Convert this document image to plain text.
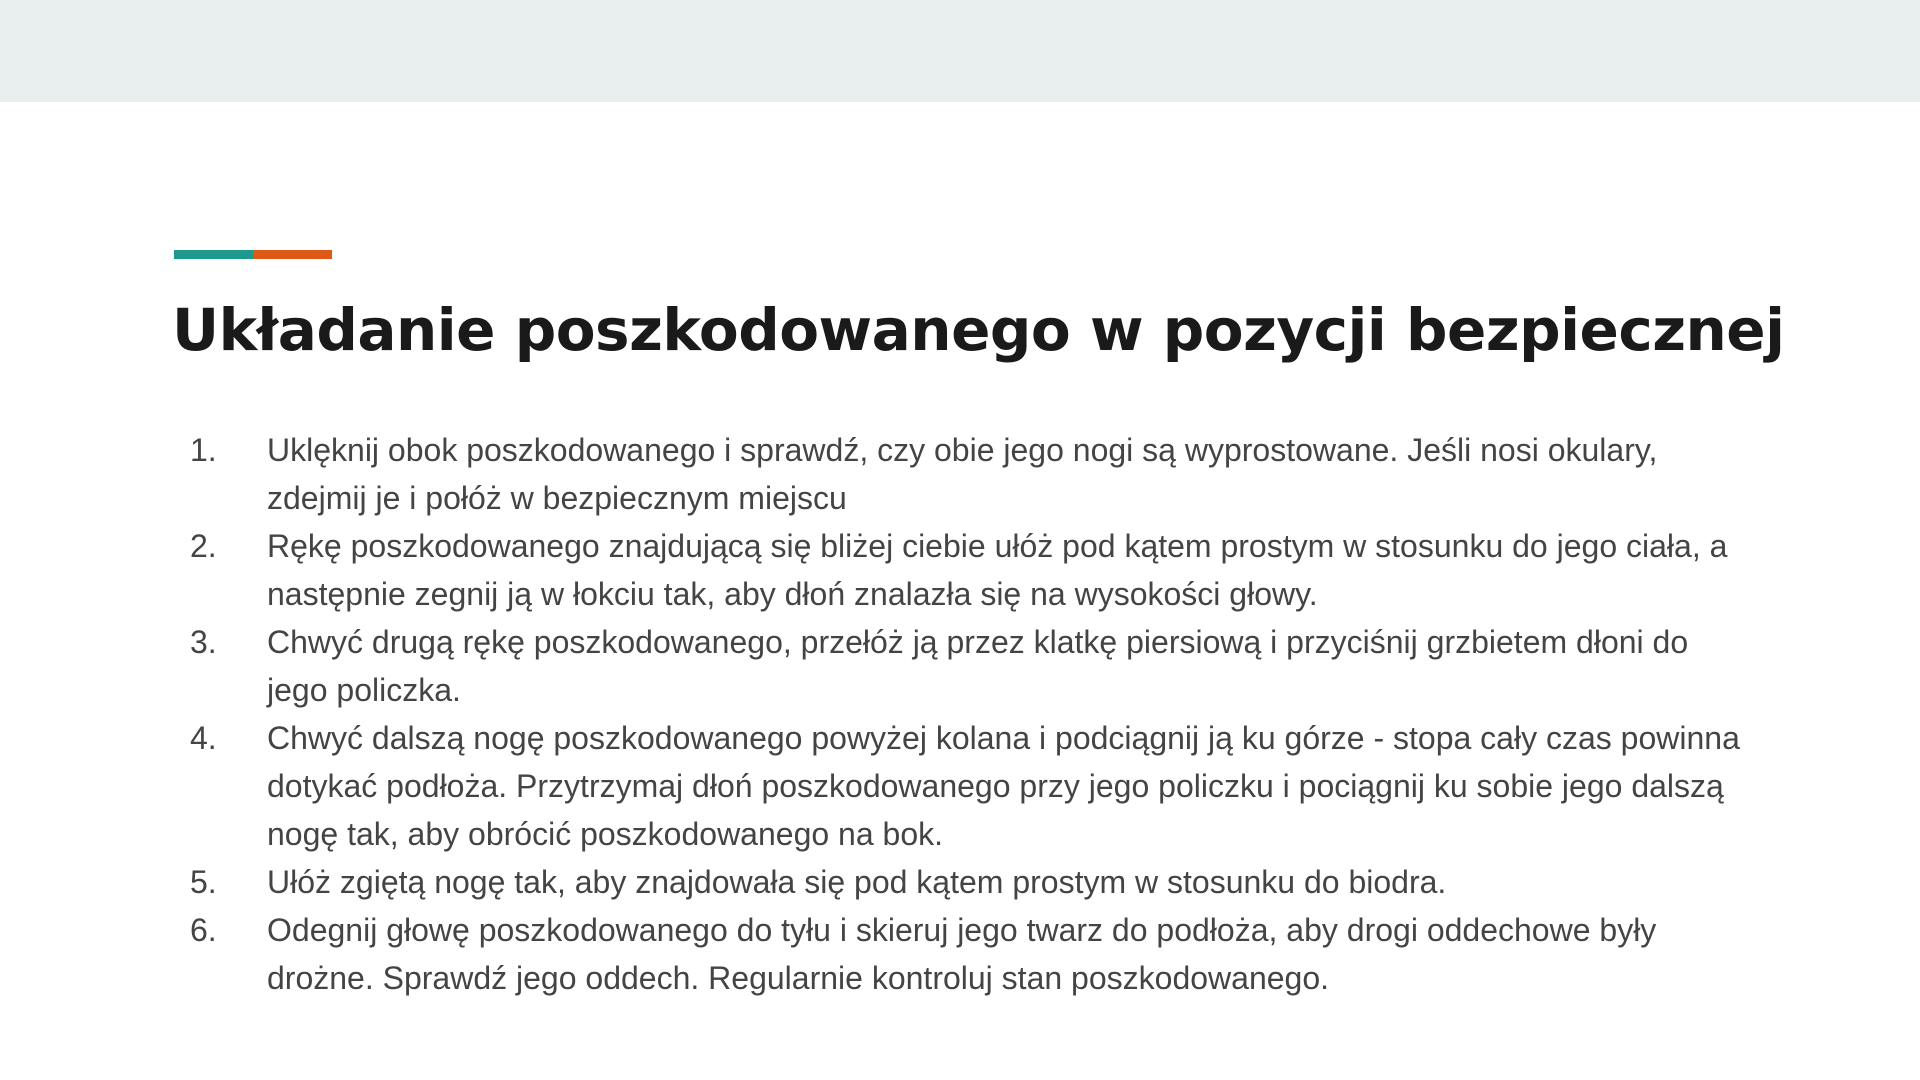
Układanie poszkodowanego w pozycji bezpiecznej
1.	Uklęknij obok poszkodowanego i sprawdź, czy obie jego nogi są wyprostowane. Jeśli nosi okulary, zdejmij je i połóż w bezpiecznym miejscu
2.	Rękę poszkodowanego znajdującą się bliżej ciebie ułóż pod kątem prostym w stosunku do jego ciała, a następnie zegnij ją w łokciu tak, aby dłoń znalazła się na wysokości głowy.
3.	Chwyć drugą rękę poszkodowanego, przełóż ją przez klatkę piersiową i przyciśnij grzbietem dłoni do jego policzka.
4.	Chwyć dalszą nogę poszkodowanego powyżej kolana i podciągnij ją ku górze - stopa cały czas powinna dotykać podłoża. Przytrzymaj dłoń poszkodowanego przy jego policzku i pociągnij ku sobie jego dalszą nogę tak, aby obrócić poszkodowanego na bok.
5.	Ułóż zgiętą nogę tak, aby znajdowała się pod kątem prostym w stosunku do biodra.
6.	Odegnij głowę poszkodowanego do tyłu i skieruj jego twarz do podłoża, aby drogi oddechowe były drożne. Sprawdź jego oddech. Regularnie kontroluj stan poszkodowanego.
